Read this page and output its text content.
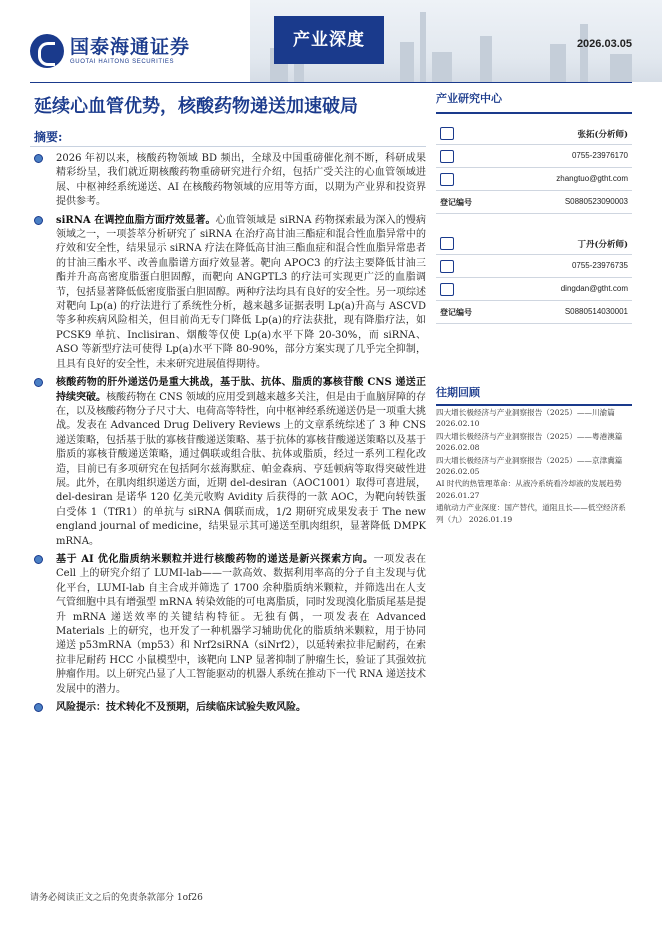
国泰海通证券
GUOTAI HAITONG SECURITIES
产业深度	2026.03.05
延续心血管优势，核酸药物递送加速破局
摘要:
2026 年初以来，核酸药物领域 BD 频出，全球及中国重磅催化剂不断，科研成果精彩纷呈，我们就近期核酸药物重磅研究进行介绍，包括广受关注的心血管领域进展、中枢神经系统递送、AI 在核酸药物领域的应用等方面，以期为产业界和投资界提供参考。
siRNA 在调控血脂方面疗效显著。心血管领域是 siRNA 药物探索最为深入的慢病领域之一，一项荟萃分析研究了 siRNA 在治疗高甘油三酯症和混合性血脂异常中的疗效和安全性，结果显示 siRNA 疗法在降低高甘油三酯血症和混合性血脂异常患者的甘油三酯水平、改善血脂谱方面疗效显著。靶向 APOC3 的疗法主要降低甘油三酯并升高高密度脂蛋白胆固醇，而靶向 ANGPTL3 的疗法可实现更广泛的血脂调节，包括显著降低低密度脂蛋白胆固醇。两种疗法均具有良好的安全性。另一项综述对靶向 Lp(a) 的疗法进行了系统性分析，越来越多证据表明 Lp(a)升高与 ASCVD 等多种疾病风险相关，但目前尚无专门降低 Lp(a)的疗法获批，现有降脂疗法，如 PCSK9 单抗、Inclisiran、烟酸等仅使 Lp(a)水平下降 20-30%，而 siRNA、ASO 等新型疗法可使得 Lp(a)水平下降 80-90%，部分方案实现了几乎完全抑制，且具有良好的安全性，未来研究进展值得期待。
核酸药物的肝外递送仍是重大挑战，基于肽、抗体、脂质的寡核苷酸 CNS 递送正持续突破。核酸药物在 CNS 领域的应用受到越来越多关注，但是由于血脑屏障的存在，以及核酸药物分子尺寸大、电荷高等特性，向中枢神经系统递送仍是一项重大挑战。发表在 Advanced Drug Delivery Reviews 上的文章系统综述了 3 种 CNS 递送策略，包括基于肽的寡核苷酸递送策略、基于抗体的寡核苷酸递送策略以及基于脂质的寡核苷酸递送策略，通过偶联或组合肽、抗体或脂质，经过一系列工程化改造，目前已有多项研究在包括阿尔兹海默症、帕金森病、亨廷顿病等取得突破性进展。此外，在肌肉组织递送方面，近期 del-desiran（AOC1001）取得可喜进展，del-desiran 是诺华 120 亿美元收购 Avidity 后获得的一款 AOC，为靶向转铁蛋白受体 1（TfR1）的单抗与 siRNA 偶联而成，1/2 期研究成果发表于 The new england journal of medicine，结果显示其可递送至肌肉组织，显著降低 DMPK mRNA。
基于 AI 优化脂质纳米颗粒并进行核酸药物的递送是新兴探索方向。一项发表在 Cell 上的研究介绍了 LUMI-lab——一款高效、数据利用率高的分子自主发现与优化平台，LUMI-lab 自主合成并筛选了 1700 余种脂质纳米颗粒，并筛选出在人支气管细胞中具有增强型 mRNA 转染效能的可电离脂质，同时发现溴化脂质尾基是提升 mRNA 递送效率的关键结构特征。无独有偶，一项发表在 Advanced Materials 上的研究，也开发了一种机器学习辅助优化的脂质纳米颗粒，用于协同递送 p53mRNA（mp53）和 Nrf2siRNA（siNrf2），以延转索拉非尼耐药，在索拉非尼耐药 HCC 小鼠模型中，该靶向 LNP 显著抑制了肿瘤生长，验证了其强效抗肿瘤作用。以上研究凸显了人工智能驱动的机器人系统在推动下一代 RNA 递送技术发展中的潜力。
风险提示：技术转化不及预期，后续临床试验失败风险。
产业研究中心
张拓(分析师)
0755-23976170
zhangtuo@gtht.com
登记编号	S0880523090003
丁丹(分析师)
0755-23976735
dingdan@gtht.com
登记编号	S0880514030001
往期回顾
四大增长极经济与产业洞察报告（2025）——川渝篇 2026.02.10
四大增长极经济与产业洞察报告（2025）——粤港澳篇 2026.02.08
四大增长极经济与产业洞察报告（2025）——京津冀篇 2026.02.05
AI 时代的热管理革命：从液冷系统看冷却液的发展趋势 2026.01.27
通航动力产业深度：国产替代，道阻且长——低空经济系列（九） 2026.01.19
请务必阅读正文之后的免责条款部分 1of26
